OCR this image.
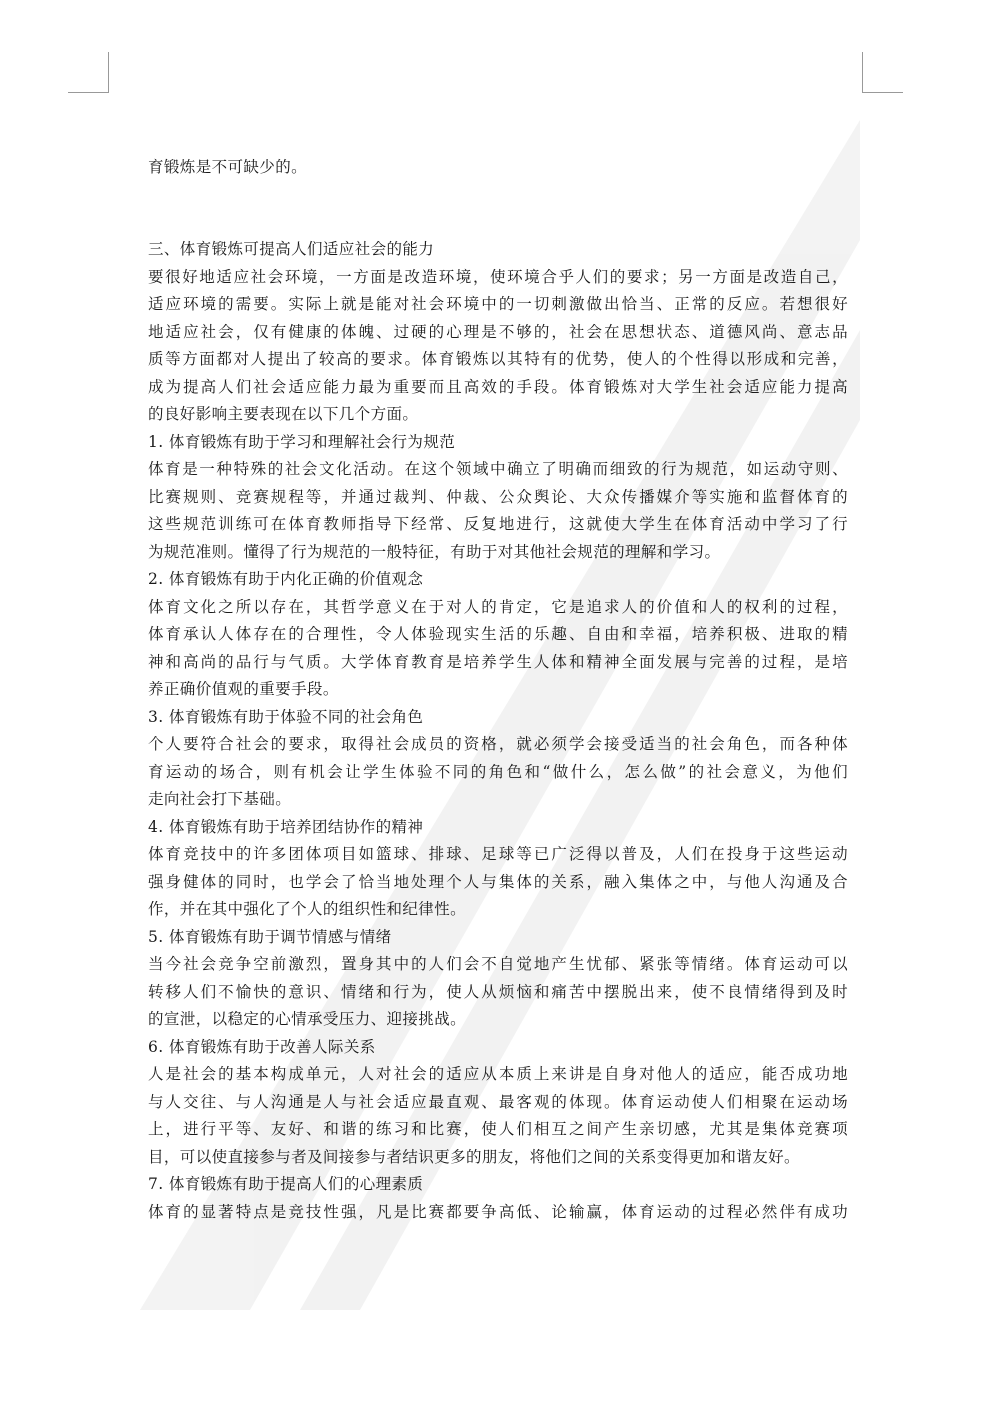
育锻炼是不可缺少的。
三、体育锻炼可提高人们适应社会的能力
要很好地适应社会环境，一方面是改造环境，使环境合乎人们的要求；另一方面是改造自己，
适应环境的需要。实际上就是能对社会环境中的一切刺激做出恰当、正常的反应。若想很好
地适应社会，仅有健康的体魄、过硬的心理是不够的，社会在思想状态、道德风尚、意志品
质等方面都对人提出了较高的要求。体育锻炼以其特有的优势，使人的个性得以形成和完善，
成为提高人们社会适应能力最为重要而且高效的手段。体育锻炼对大学生社会适应能力提高
的良好影响主要表现在以下几个方面。
1. 体育锻炼有助于学习和理解社会行为规范
体育是一种特殊的社会文化活动。在这个领域中确立了明确而细致的行为规范，如运动守则、
比赛规则、竞赛规程等，并通过裁判、仲裁、公众舆论、大众传播媒介等实施和监督体育的
这些规范训练可在体育教师指导下经常、反复地进行，这就使大学生在体育活动中学习了行
为规范准则。懂得了行为规范的一般特征，有助于对其他社会规范的理解和学习。
2. 体育锻炼有助于内化正确的价值观念
体育文化之所以存在，其哲学意义在于对人的肯定，它是追求人的价值和人的权利的过程，
体育承认人体存在的合理性，令人体验现实生活的乐趣、自由和幸福，培养积极、进取的精
神和高尚的品行与气质。大学体育教育是培养学生人体和精神全面发展与完善的过程，是培
养正确价值观的重要手段。
3. 体育锻炼有助于体验不同的社会角色
个人要符合社会的要求，取得社会成员的资格，就必须学会接受适当的社会角色，而各种体
育运动的场合，则有机会让学生体验不同的角色和“做什么，怎么做”的社会意义，为他们
走向社会打下基础。
4. 体育锻炼有助于培养团结协作的精神
体育竞技中的许多团体项目如篮球、排球、足球等已广泛得以普及，人们在投身于这些运动
强身健体的同时，也学会了恰当地处理个人与集体的关系，融入集体之中，与他人沟通及合
作，并在其中强化了个人的组织性和纪律性。
5. 体育锻炼有助于调节情感与情绪
当今社会竞争空前激烈，置身其中的人们会不自觉地产生忧郁、紧张等情绪。体育运动可以
转移人们不愉快的意识、情绪和行为，使人从烦恼和痛苦中摆脱出来，使不良情绪得到及时
的宣泄，以稳定的心情承受压力、迎接挑战。
6. 体育锻炼有助于改善人际关系
人是社会的基本构成单元，人对社会的适应从本质上来讲是自身对他人的适应，能否成功地
与人交往、与人沟通是人与社会适应最直观、最客观的体现。体育运动使人们相聚在运动场
上，进行平等、友好、和谐的练习和比赛，使人们相互之间产生亲切感，尤其是集体竞赛项
目，可以使直接参与者及间接参与者结识更多的朋友，将他们之间的关系变得更加和谐友好。
7. 体育锻炼有助于提高人们的心理素质
体育的显著特点是竞技性强，凡是比赛都要争高低、论输赢，体育运动的过程必然伴有成功
